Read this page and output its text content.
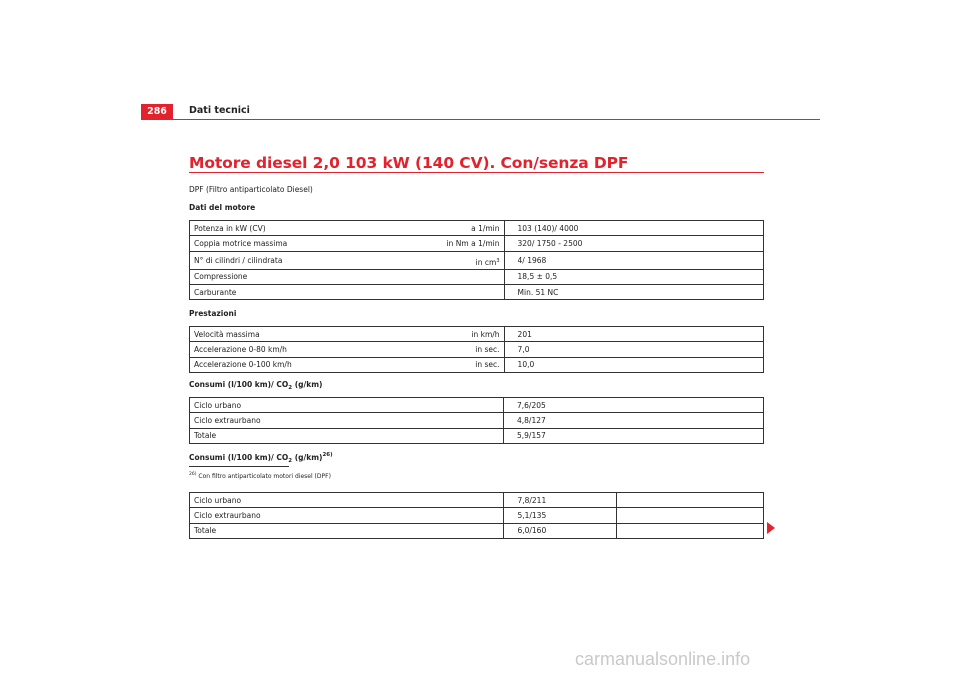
286	Dati tecnici
Motore diesel 2,0 103 kW (140 CV). Con/senza DPF
DPF (Filtro antiparticolato Diesel)
Dati del motore
Potenza in kW (CV)	a 1/min	103 (140)/ 4000
Coppia motrice massima	in Nm a 1/min	320/ 1750 - 2500
N° di cilindri / cilindrata	in $cm^3$	4/ 1968
Compressione		18,5 ± 0,5
Carburante		Min. 51 NC
Prestazioni
Velocità massima	in km/h	201
Accelerazione 0-80 km/h	in sec.	7,0
Accelerazione 0-100 km/h	in sec.	10,0
Consumi (l/100 km)/ $CO_2$ (g/km)
Ciclo urbano	7,6/205
Ciclo extraurbano	4,8/127
Totale	5,9/157
Consumi (l/100 km)/ $CO_2$ $(g/km)^{26)}$
$^{26)}$ Con filtro antiparticolato motori diesel (DPF)
Ciclo urbano	7,8/211	
Ciclo extraurbano	5,1/135	
Totale	6,0/160	
carmanualsonline.info
